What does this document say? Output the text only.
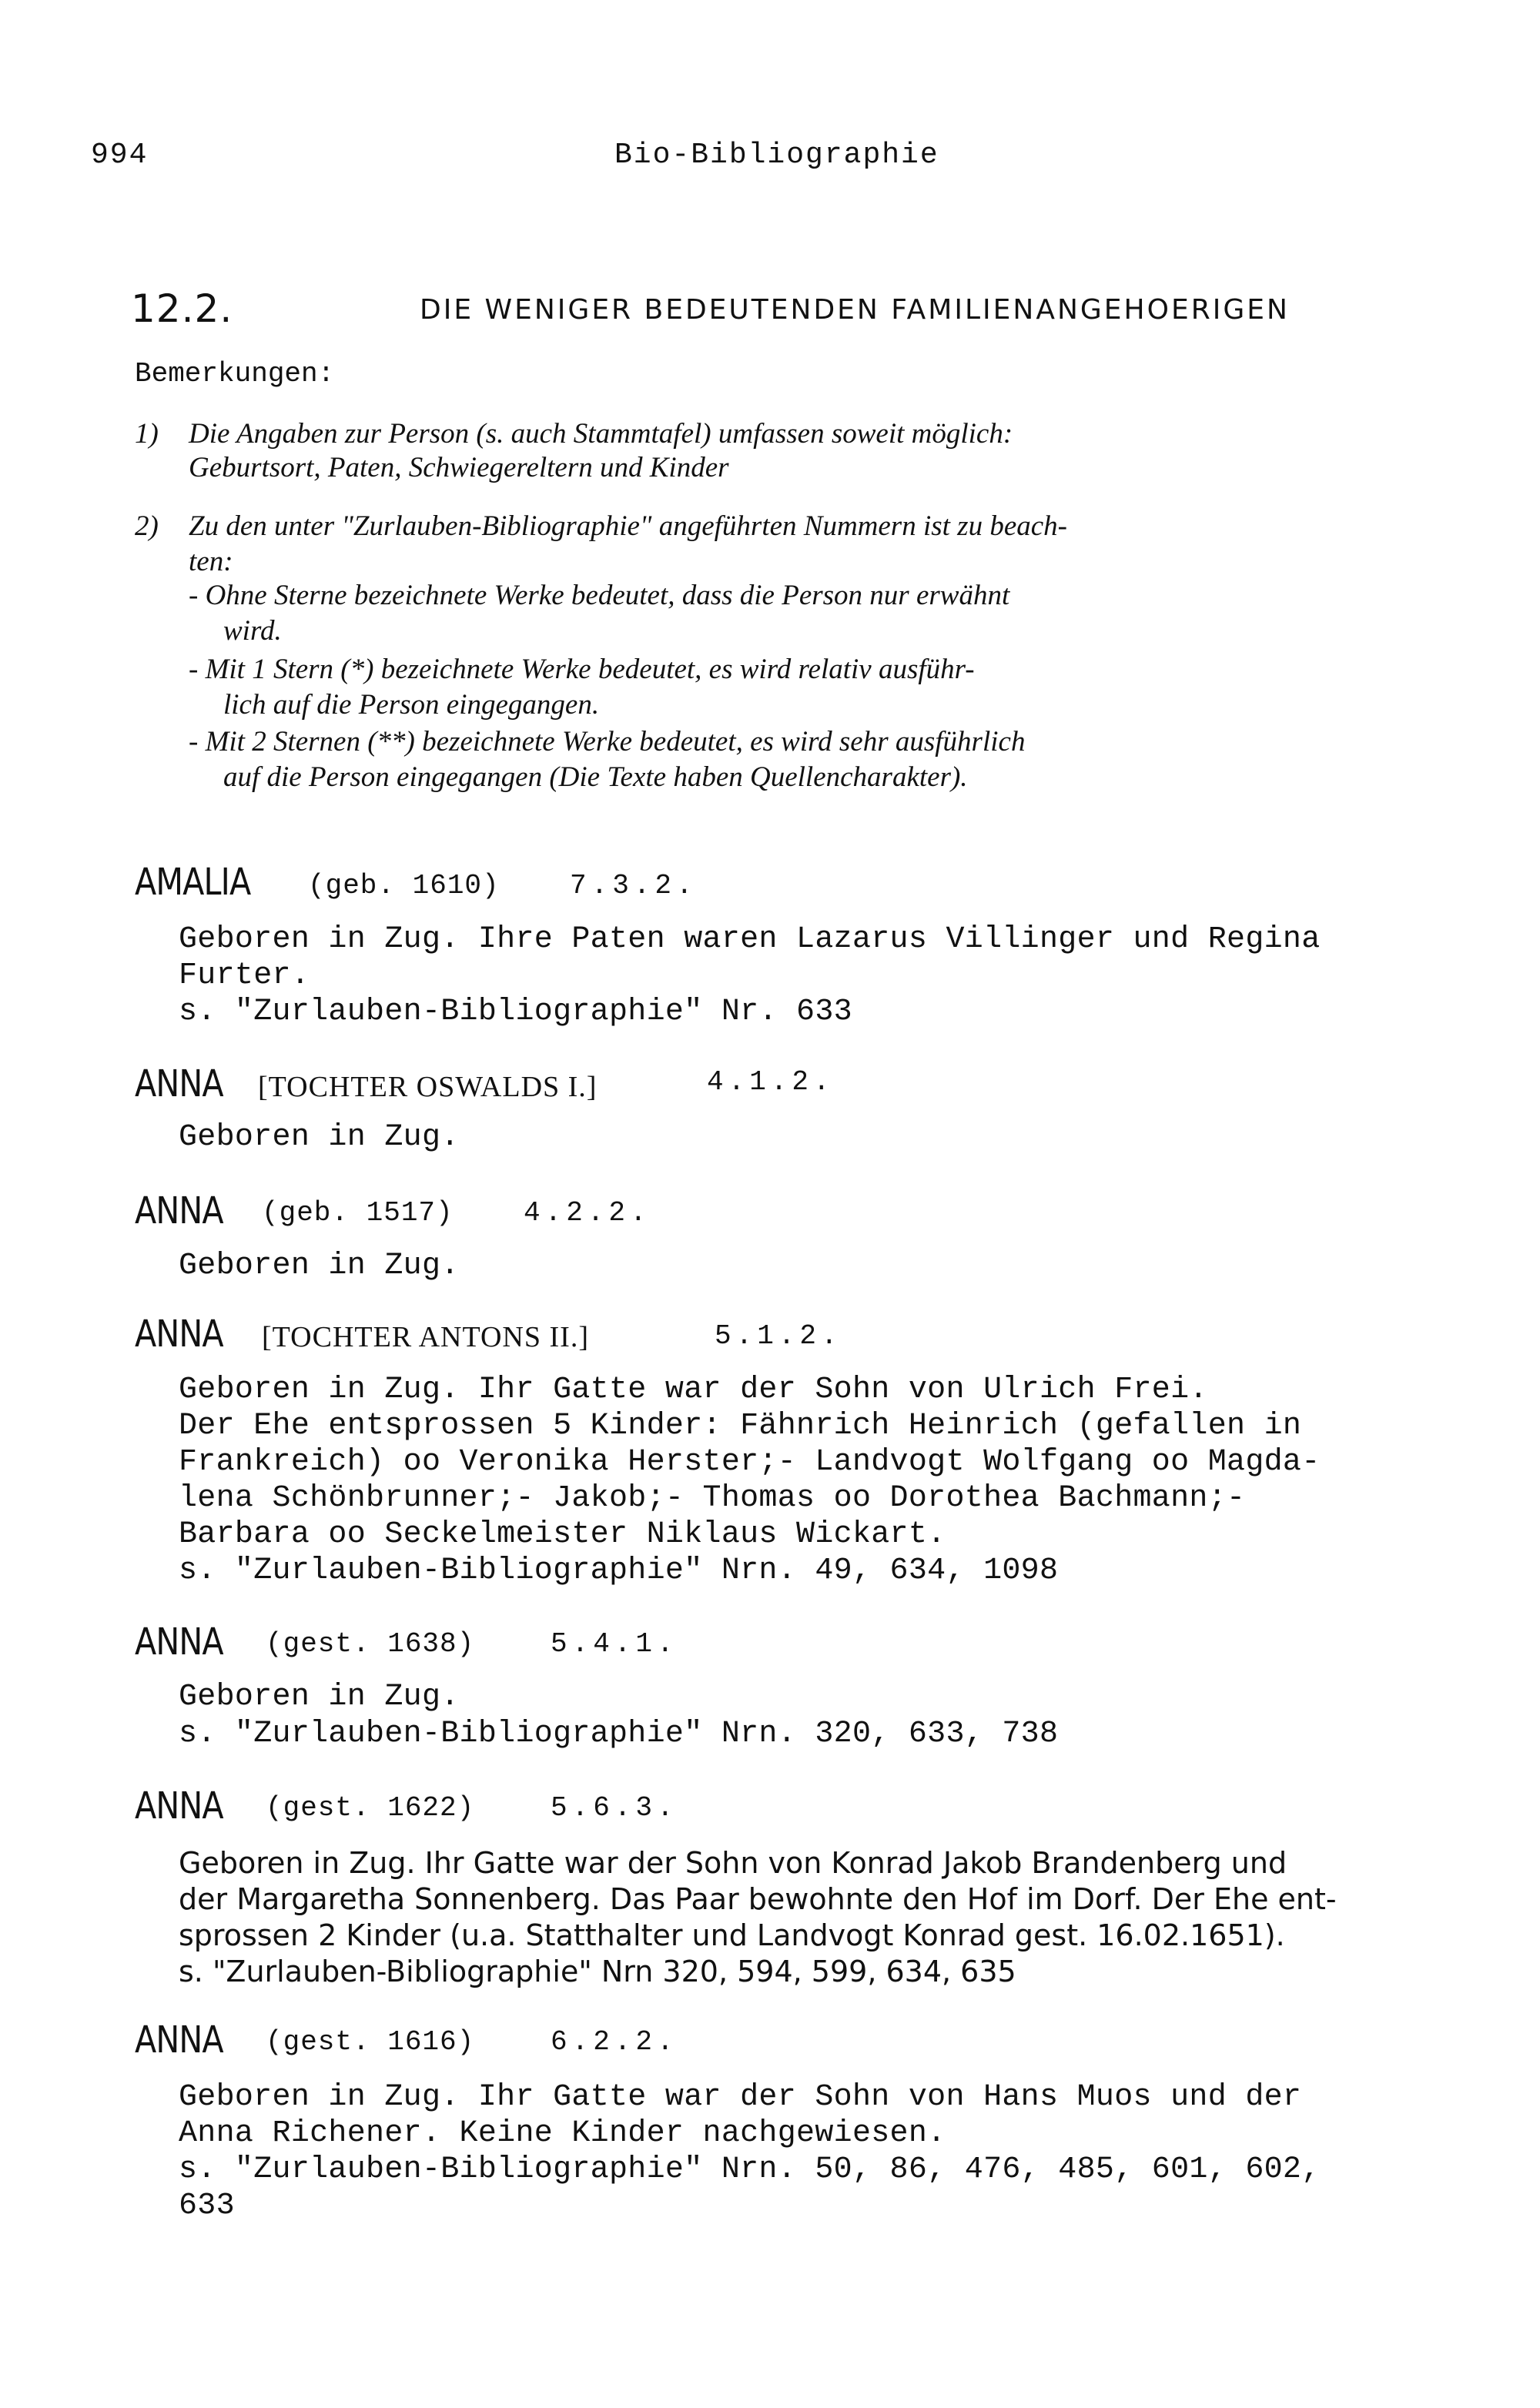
994	Bio-Bibliographie
12.2.	DIE WENIGER BEDEUTENDEN FAMILIENANGEHOERIGEN
Bemerkungen:
1) Die Angaben zur Person (s. auch Stammtafel) umfassen soweit möglich:
Geburtsort, Paten, Schwiegereltern und Kinder
2) Zu den unter "Zurlauben-Bibliographie" angeführten Nummern ist zu beach-
ten:
- Ohne Sterne bezeichnete Werke bedeutet, dass die Person nur erwähnt
wird.
- Mit 1 Stern (*) bezeichnete Werke bedeutet, es wird relativ ausführ-
lich auf die Person eingegangen.
- Mit 2 Sternen (**) bezeichnete Werke bedeutet, es wird sehr ausführlich
auf die Person eingegangen (Die Texte haben Quellencharakter).
AMALIA (geb. 1610)	7.3.2.
Geboren in Zug. Ihre Paten waren Lazarus Villinger und Regina
Furter.
s. "Zurlauben-Bibliographie" Nr. 633
ANNA [TOCHTER OSWALDS I.]	4.1.2.
Geboren in Zug.
ANNA (geb. 1517)	4.2.2.
Geboren in Zug.
ANNA [TOCHTER ANTONS II.]	5.1.2.
Geboren in Zug. Ihr Gatte war der Sohn von Ulrich Frei.
Der Ehe entsprossen 5 Kinder: Fähnrich Heinrich (gefallen in
Frankreich) oo Veronika Herster;- Landvogt Wolfgang oo Magda-
lena Schönbrunner;- Jakob;- Thomas oo Dorothea Bachmann;-
Barbara oo Seckelmeister Niklaus Wickart.
s. "Zurlauben-Bibliographie" Nrn. 49, 634, 1098
ANNA (gest. 1638)	5.4.1.
Geboren in Zug.
s. "Zurlauben-Bibliographie" Nrn. 320, 633, 738
ANNA (gest. 1622)	5.6.3.
Geboren in Zug. Ihr Gatte war der Sohn von Konrad Jakob Brandenberg und
der Margaretha Sonnenberg. Das Paar bewohnte den Hof im Dorf. Der Ehe ent-
sprossen 2 Kinder (u.a. Statthalter und Landvogt Konrad gest. 16.02.1651).
s. "Zurlauben-Bibliographie" Nrn 320, 594, 599, 634, 635
ANNA (gest. 1616)	6.2.2.
Geboren in Zug. Ihr Gatte war der Sohn von Hans Muos und der
Anna Richener. Keine Kinder nachgewiesen.
s. "Zurlauben-Bibliographie" Nrn. 50, 86, 476, 485, 601, 602,
633
